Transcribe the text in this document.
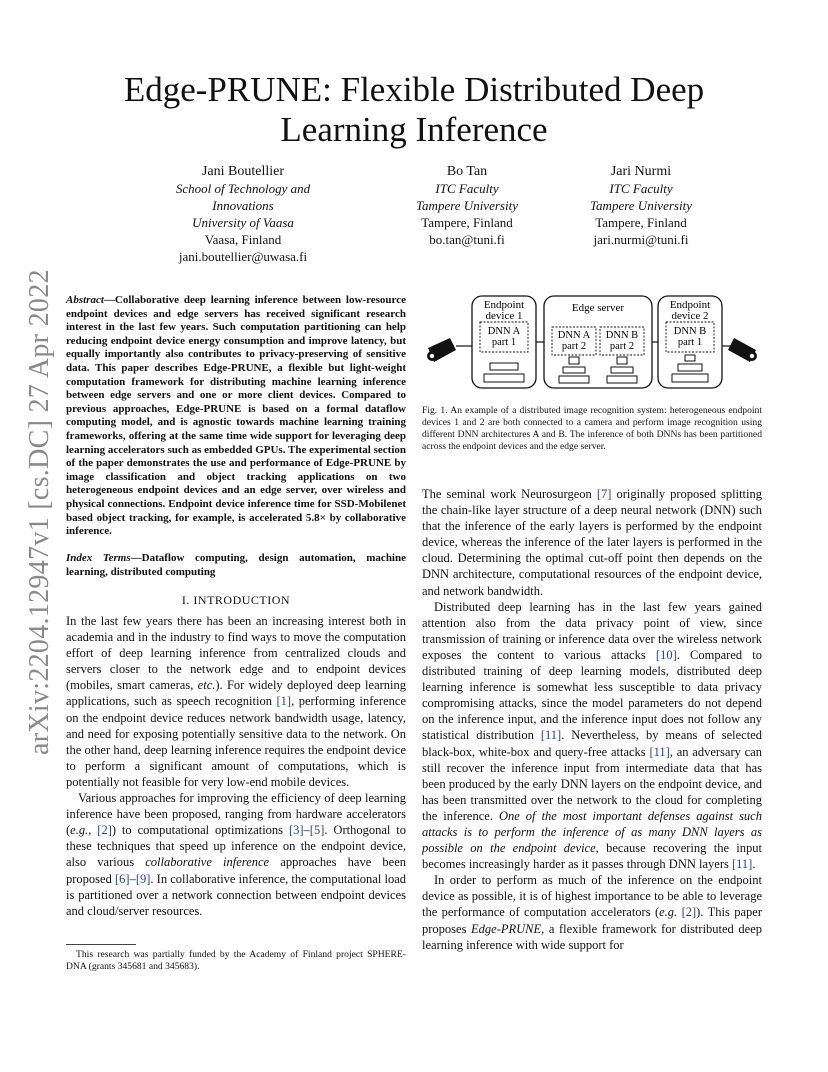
Edge-PRUNE: Flexible Distributed Deep Learning Inference
Jani Boutellier
School of Technology and Innovations
University of Vaasa
Vaasa, Finland
jani.boutellier@uwasa.fi
Bo Tan
ITC Faculty
Tampere University
Tampere, Finland
bo.tan@tuni.fi
Jari Nurmi
ITC Faculty
Tampere University
Tampere, Finland
jari.nurmi@tuni.fi
arXiv:2204.12947v1 [cs.DC] 27 Apr 2022 Abstract—Collaborative deep learning inference between low-resource endpoint devices and edge servers has received significant research interest in the last few years. Such computation partitioning can help reducing endpoint device energy consumption and improve latency, but equally importantly also contributes to privacy-preserving of sensitive data. This paper describes Edge-PRUNE, a flexible but light-weight computation framework for distributing machine learning inference between edge servers and one or more client devices. Compared to previous approaches, Edge-PRUNE is based on a formal dataflow computing model, and is agnostic towards machine learning training frameworks, offering at the same time wide support for leveraging deep learning accelerators such as embedded GPUs. The experimental section of the paper demonstrates the use and performance of Edge-PRUNE by image classification and object tracking applications on two heterogeneous endpoint devices and an edge server, over wireless and physical connections. Endpoint device inference time for SSD-Mobilenet based object tracking, for example, is accelerated 5.8× by collaborative inference.
Index Terms—Dataflow computing, design automation, machine learning, distributed computing
I. INTRODUCTION

In the last few years there has been an increasing interest both in academia and in the industry to find ways to move the computation effort of deep learning inference from centralized clouds and servers closer to the network edge and to endpoint devices (mobiles, smart cameras, etc.). For widely deployed deep learning applications, such as speech recognition [1], performing inference on the endpoint device reduces network bandwidth usage, latency, and need for exposing potentially sensitive data to the network. On the other hand, deep learning inference requires the endpoint device to perform a significant amount of computations, which is potentially not feasible for very low-end mobile devices.

Various approaches for improving the efficiency of deep learning inference have been proposed, ranging from hardware accelerators (e.g., [2]) to computational optimizations [3]–[5]. Orthogonal to these techniques that speed up inference on the endpoint device, also various collaborative inference approaches have been proposed [6]–[9]. In collaborative inference, the computational load is partitioned over a network connection between endpoint devices and cloud/server resources.

This research was partially funded by the Academy of Finland project SPHERE-DNA (grants 345681 and 345683).
Endpoint
device 1
DNN A
part 1
Edge server
DNN A
part 2
DNN B
part 2
Endpoint
device 2
DNN B
part 1
Fig. 1. An example of a distributed image recognition system: heterogeneous endpoint devices 1 and 2 are both connected to a camera and perform image recognition using different DNN architectures A and B. The inference of both DNNs has been partitioned across the endpoint devices and the edge server.

The seminal work Neurosurgeon [7] originally proposed splitting the chain-like layer structure of a deep neural network (DNN) such that the inference of the early layers is performed by the endpoint device, whereas the inference of the later layers is performed in the cloud. Determining the optimal cut-off point then depends on the DNN architecture, computational resources of the endpoint device, and network bandwidth.

Distributed deep learning has in the last few years gained attention also from the data privacy point of view, since transmission of training or inference data over the wireless network exposes the content to various attacks [10]. Compared to distributed training of deep learning models, distributed deep learning inference is somewhat less susceptible to data privacy compromising attacks, since the model parameters do not depend on the inference input, and the inference input does not follow any statistical distribution [11]. Nevertheless, by means of selected black-box, white-box and query-free attacks [11], an adversary can still recover the inference input from intermediate data that has been produced by the early DNN layers on the endpoint device, and has been transmitted over the network to the cloud for completing the inference. One of the most important defenses against such attacks is to perform the inference of as many DNN layers as possible on the endpoint device, because recovering the input becomes increasingly harder as it passes through DNN layers [11].

In order to perform as much of the inference on the endpoint device as possible, it is of highest importance to be able to leverage the performance of computation accelerators (e.g. [2]). This paper proposes Edge-PRUNE, a flexible framework for distributed deep learning inference with wide support for
